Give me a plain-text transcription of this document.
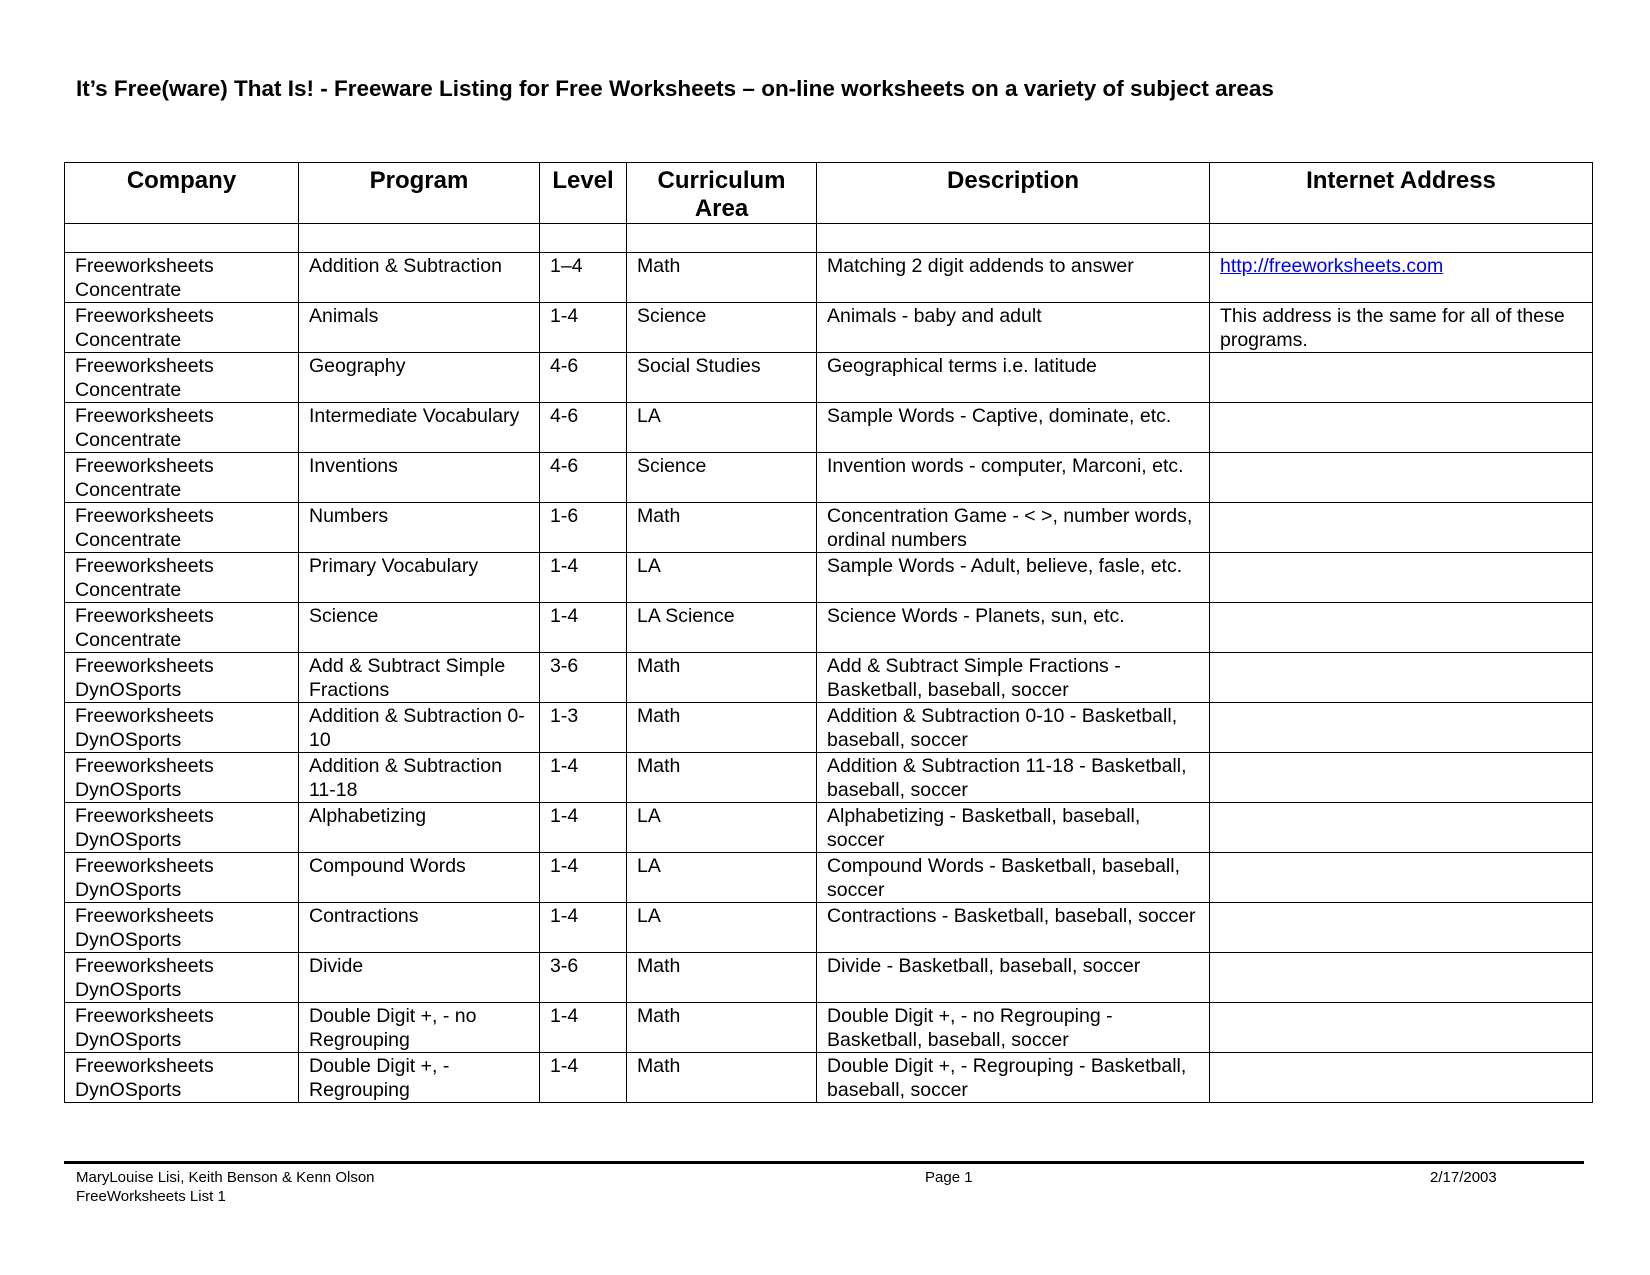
It’s Free(ware) That Is! - Freeware Listing for Free Worksheets – on-line worksheets on a variety of subject areas
Company	Program	Level	Curriculum Area	Description	Internet Address

Freeworksheets Concentrate	Addition & Subtraction	1–4	Math	Matching 2 digit addends to answer	http://freeworksheets.com
Freeworksheets Concentrate	Animals	1-4	Science	Animals - baby and adult	This address is the same for all of these programs.
Freeworksheets Concentrate	Geography	4-6	Social Studies	Geographical terms i.e. latitude	
Freeworksheets Concentrate	Intermediate Vocabulary	4-6	LA	Sample Words - Captive, dominate, etc.	
Freeworksheets Concentrate	Inventions	4-6	Science	Invention words - computer, Marconi, etc.	
Freeworksheets Concentrate	Numbers	1-6	Math	Concentration Game - < >, number words, ordinal numbers	
Freeworksheets Concentrate	Primary Vocabulary	1-4	LA	Sample Words - Adult, believe, fasle, etc.	
Freeworksheets Concentrate	Science	1-4	LA Science	Science Words - Planets, sun, etc.	
Freeworksheets DynOSports	Add & Subtract Simple Fractions	3-6	Math	Add & Subtract Simple Fractions - Basketball, baseball, soccer	
Freeworksheets DynOSports	Addition & Subtraction 0-10	1-3	Math	Addition & Subtraction 0-10 - Basketball, baseball, soccer	
Freeworksheets DynOSports	Addition & Subtraction 11-18	1-4	Math	Addition & Subtraction 11-18 - Basketball, baseball, soccer	
Freeworksheets DynOSports	Alphabetizing	1-4	LA	Alphabetizing - Basketball, baseball, soccer	
Freeworksheets DynOSports	Compound Words	1-4	LA	Compound Words - Basketball, baseball, soccer	
Freeworksheets DynOSports	Contractions	1-4	LA	Contractions - Basketball, baseball, soccer	
Freeworksheets DynOSports	Divide	3-6	Math	Divide - Basketball, baseball, soccer	
Freeworksheets DynOSports	Double Digit +, - no Regrouping	1-4	Math	Double Digit +, - no Regrouping - Basketball, baseball, soccer	
Freeworksheets DynOSports	Double Digit +, - Regrouping	1-4	Math	Double Digit +, - Regrouping - Basketball, baseball, soccer	
MaryLouise Lisi, Keith Benson & Kenn Olson
FreeWorksheets List 1
Page 1	2/17/2003
